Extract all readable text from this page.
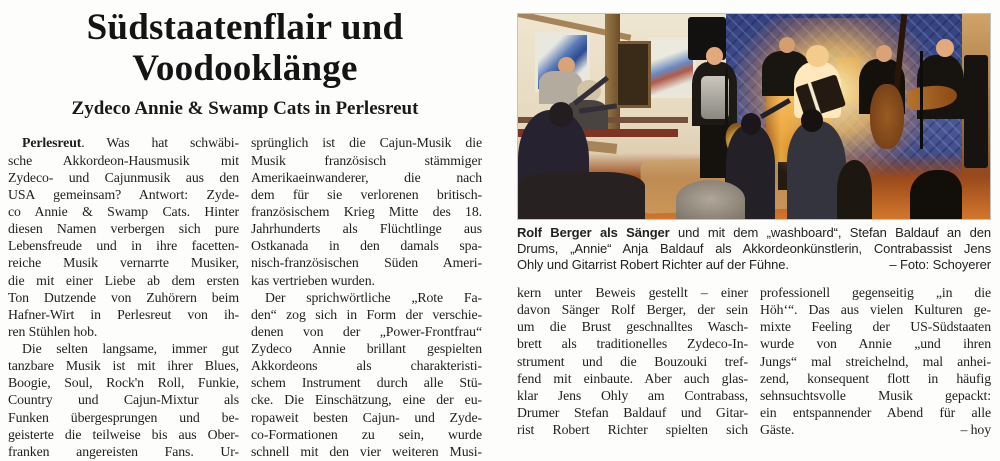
Südstaatenflair und
Voodooklänge
Zydeco Annie & Swamp Cats in Perlesreut
Perlesreut. Was hat schwäbi-
sche Akkordeon-Hausmusik mit
Zydeco- und Cajunmusik aus den
USA gemeinsam? Antwort: Zyde-
co Annie & Swamp Cats. Hinter
diesen Namen verbergen sich pure
Lebensfreude und in ihre facetten-
reiche Musik vernarrte Musiker,
die mit einer Liebe ab dem ersten
Ton Dutzende von Zuhörern beim
Hafner-Wirt in Perlesreut von ih-
ren Stühlen hob.
Die selten langsame, immer gut
tanzbare Musik ist mit ihrer Blues,
Boogie, Soul, Rock'n Roll, Funkie,
Country und Cajun-Mixtur als
Funken übergesprungen und be-
geisterte die teilweise bis aus Ober-
franken angereisten Fans. Ur-
sprünglich ist die Cajun-Musik die
Musik französisch stämmiger
Amerikaeinwanderer, die nach
dem für sie verlorenen britisch-
französischem Krieg Mitte des 18.
Jahrhunderts als Flüchtlinge aus
Ostkanada in den damals spa-
nisch-französischen Süden Ameri-
kas vertrieben wurden.
Der sprichwörtliche „Rote Fa-
den“ zog sich in Form der verschie-
denen von der „Power-Frontfrau“
Zydeco Annie brillant gespielten
Akkordeons als charakteristi-
schem Instrument durch alle Stü-
cke. Die Einschätzung, eine der eu-
ropaweit besten Cajun- und Zyde-
co-Formationen zu sein, wurde
schnell mit den vier weiteren Musi-
Rolf Berger als Sänger und mit dem „washboard“, Stefan Baldauf an den
Drums, „Annie“ Anja Baldauf als Akkordeonkünstlerin, Contrabassist Jens
Ohly und Gitarrist Robert Richter auf der Fühne.	– Foto: Schoyerer
kern unter Beweis gestellt – einer
davon Sänger Rolf Berger, der sein
um die Brust geschnalltes Wasch-
brett als traditionelles Zydeco-In-
strument und die Bouzouki tref-
fend mit einbaute. Aber auch glas-
klar Jens Ohly am Contrabass,
Drumer Stefan Baldauf und Gitar-
rist Robert Richter spielten sich
professionell gegenseitig „in die
Höh‘“. Das aus vielen Kulturen ge-
mixte Feeling der US-Südstaaten
wurde von Annie „und ihren
Jungs“ mal streichelnd, mal anhei-
zend, konsequent flott in häufig
sehnsuchtsvolle Musik gepackt:
ein entspannender Abend für alle
Gäste.	– hoy
